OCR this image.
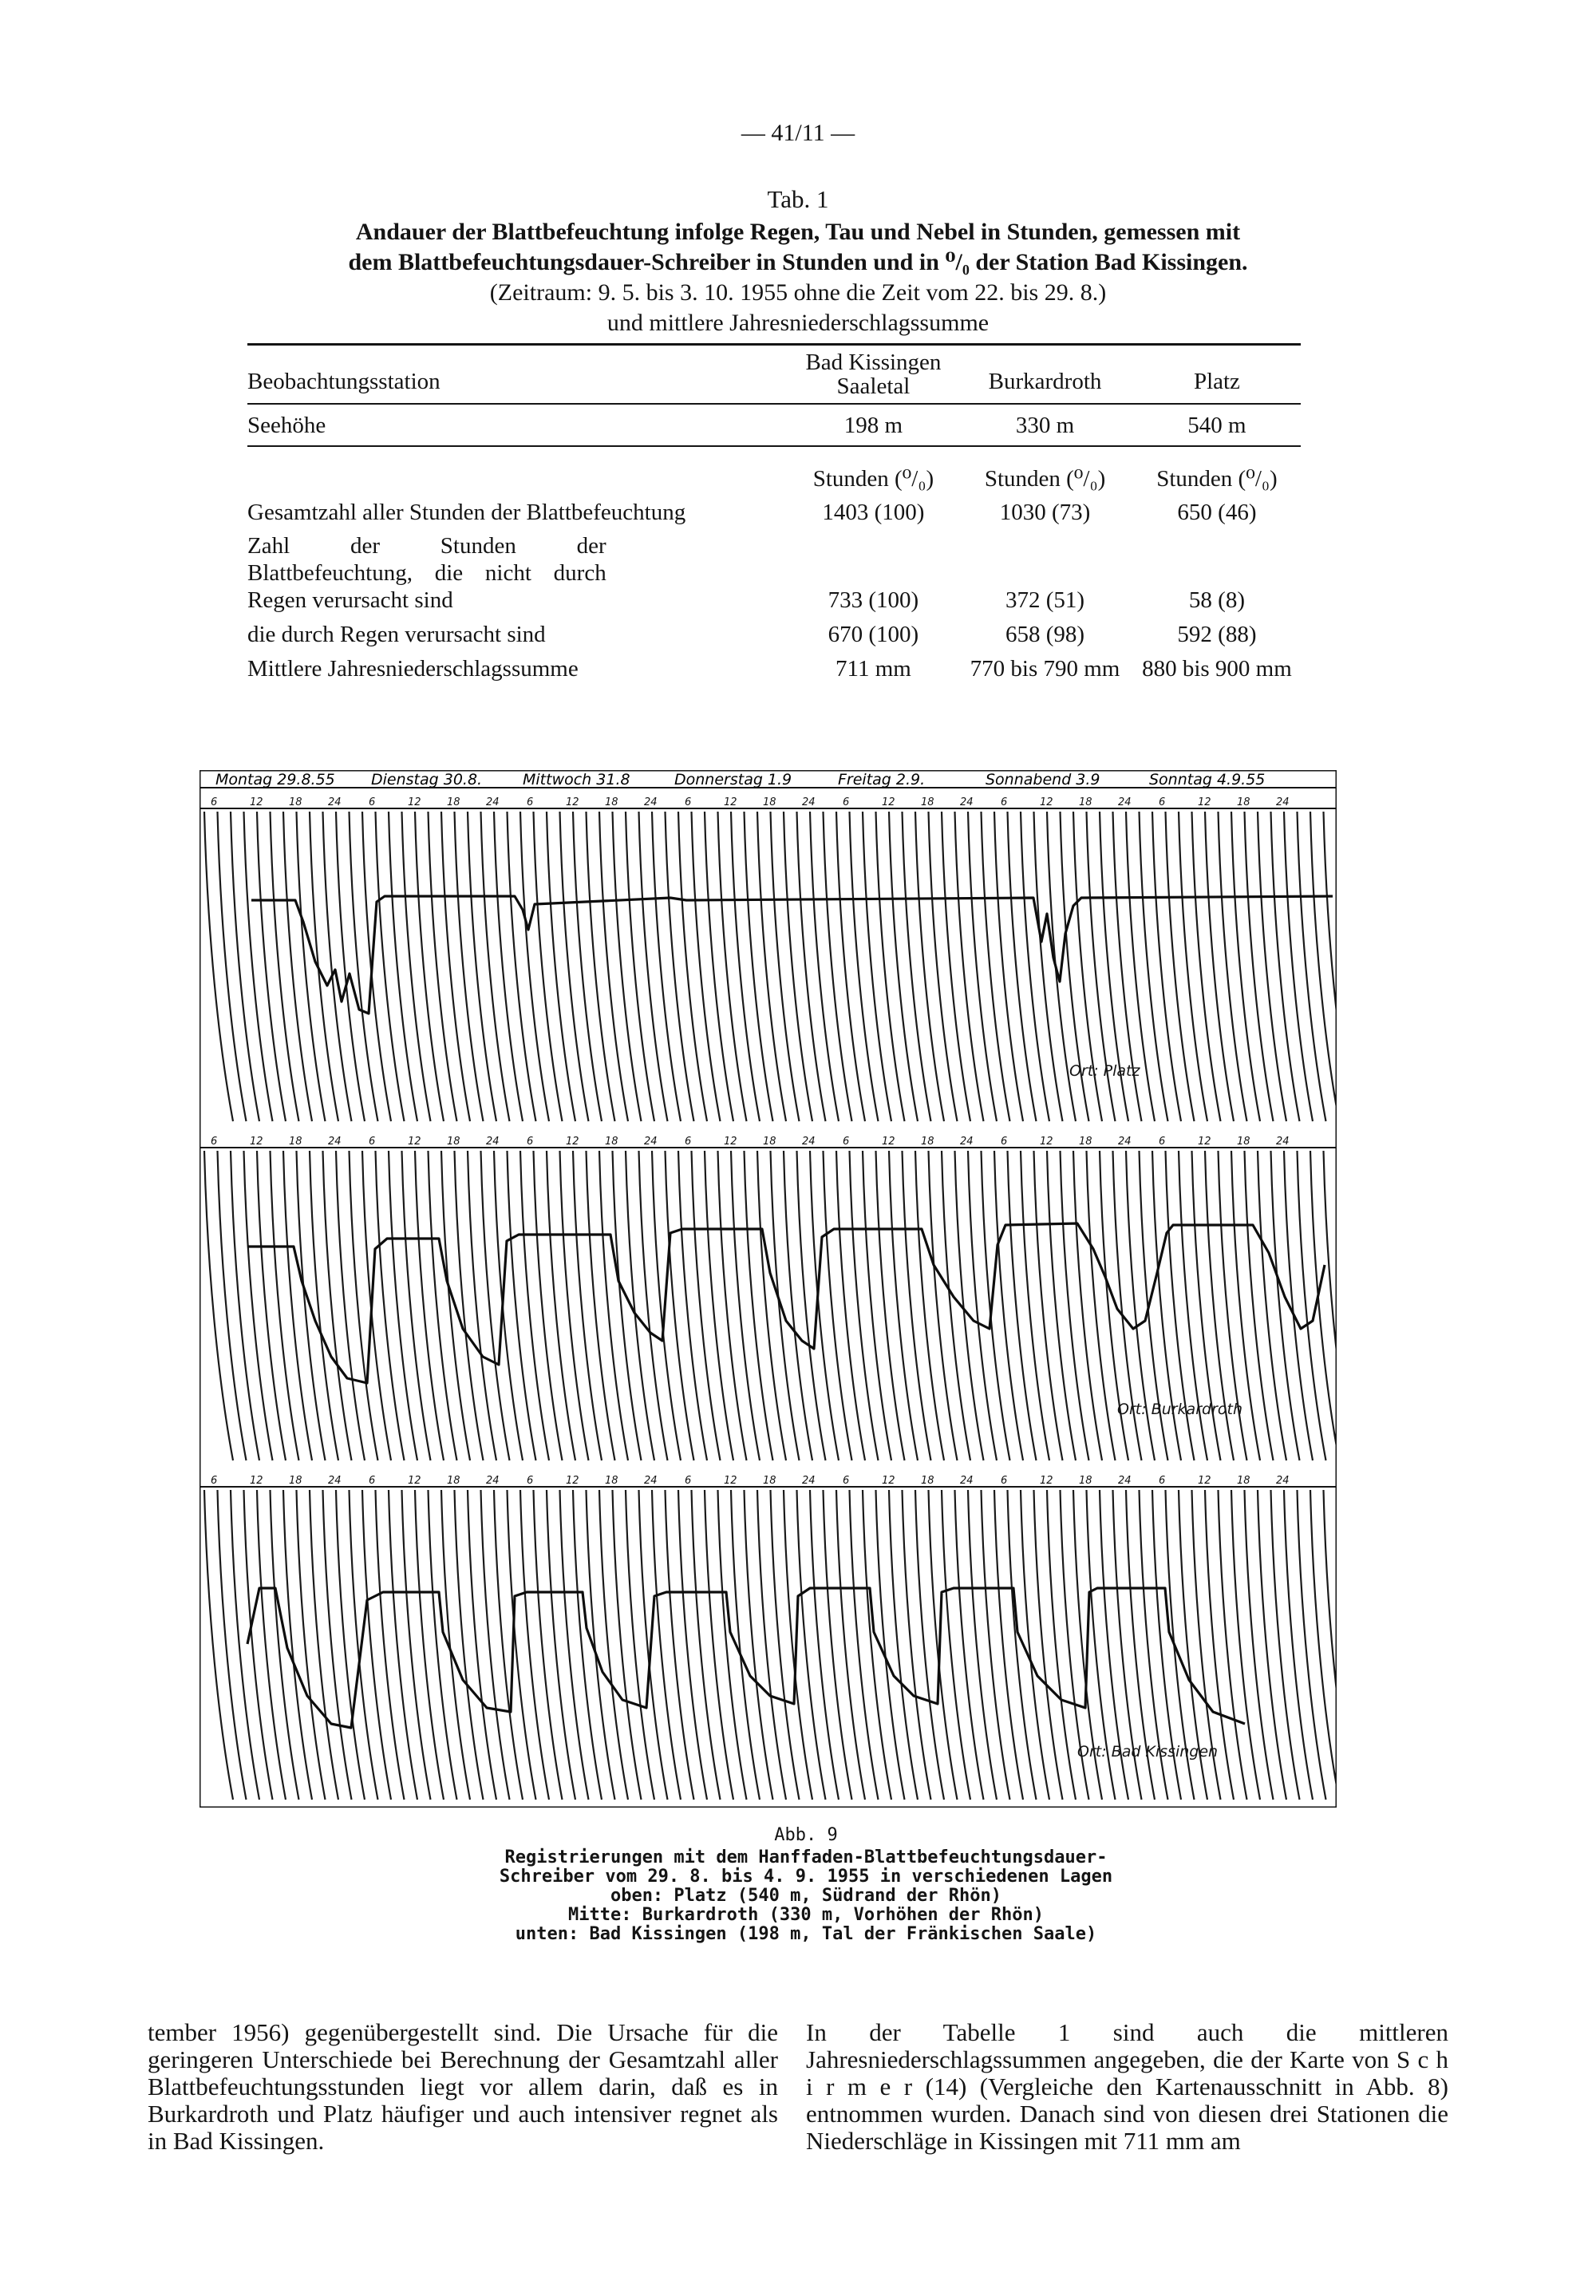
— 41/11 —
Tab. 1
Andauer der Blattbefeuchtung infolge Regen, Tau und Nebel in Stunden, gemessen mit
dem Blattbefeuchtungsdauer-Schreiber in Stunden und in ⁰/₀ der Station Bad Kissingen.
(Zeitraum: 9. 5. bis 3. 10. 1955 ohne die Zeit vom 22. bis 29. 8.)
und mittlere Jahresniederschlagssumme
Beobachtungsstation	Bad Kissingen Saaletal	Burkardroth	Platz
Seehöhe	198 m	330 m	540 m
	Stunden (⁰/₀)	Stunden (⁰/₀)	Stunden (⁰/₀)
Gesamtzahl aller Stunden der Blattbefeuchtung	1403 (100)	1030 (73)	650 (46)
Zahl der Stunden der Blattbefeuchtung, die nicht durch Regen verursacht sind	733 (100)	372 (51)	58 (8)
die durch Regen verursacht sind	670 (100)	658 (98)	592 (88)
Mittlere Jahresniederschlagssumme	711 mm	770 bis 790 mm	880 bis 900 mm
Montag 29.8.55 Dienstag 30.8.	Mittwoch 31.8	Donnerstag 1.9	Freitag 2.9.	Sonnabend 3.9	Sonntag 4.9.55
6	12 18 24	6	12 18 24	6	12 18 24	6	12 18 24	6	12 18 24	6	12 18 24	6	12 18 24
6	12 18 24	6	12 18 24	6	12 18 24	6	12 18 24	6	12 18 24	6	12 18 24	6	12 18 24
6	12 18 24	6	12 18 24	6	12 18 24	6	12 18 24	6	12 18 24	6	12 18 24	6	12 18 24
Ort: Platz
Ort: Burkardroth
Ort: Bad Kissingen
Abb. 9
Registrierungen mit dem Hanffaden-Blattbefeuchtungsdauer-
Schreiber vom 29. 8. bis 4. 9. 1955 in verschiedenen Lagen
oben: Platz (540 m, Südrand der Rhön)
Mitte: Burkardroth (330 m, Vorhöhen der Rhön)
unten: Bad Kissingen (198 m, Tal der Fränkischen Saale)
tember 1956) gegenübergestellt sind. Die Ursache für die geringeren Unterschiede bei Berechnung der Gesamtzahl aller Blattbefeuchtungsstunden liegt vor allem darin, daß es in Burkardroth und Platz häufiger und auch intensiver regnet als in Bad Kissingen.
In der Tabelle 1 sind auch die mittleren Jahresniederschlagssummen angegeben, die der Karte von S c h i r m e r (14) (Vergleiche den Kartenausschnitt in Abb. 8) entnommen wurden. Danach sind von diesen drei Stationen die Niederschläge in Kissingen mit 711 mm am
